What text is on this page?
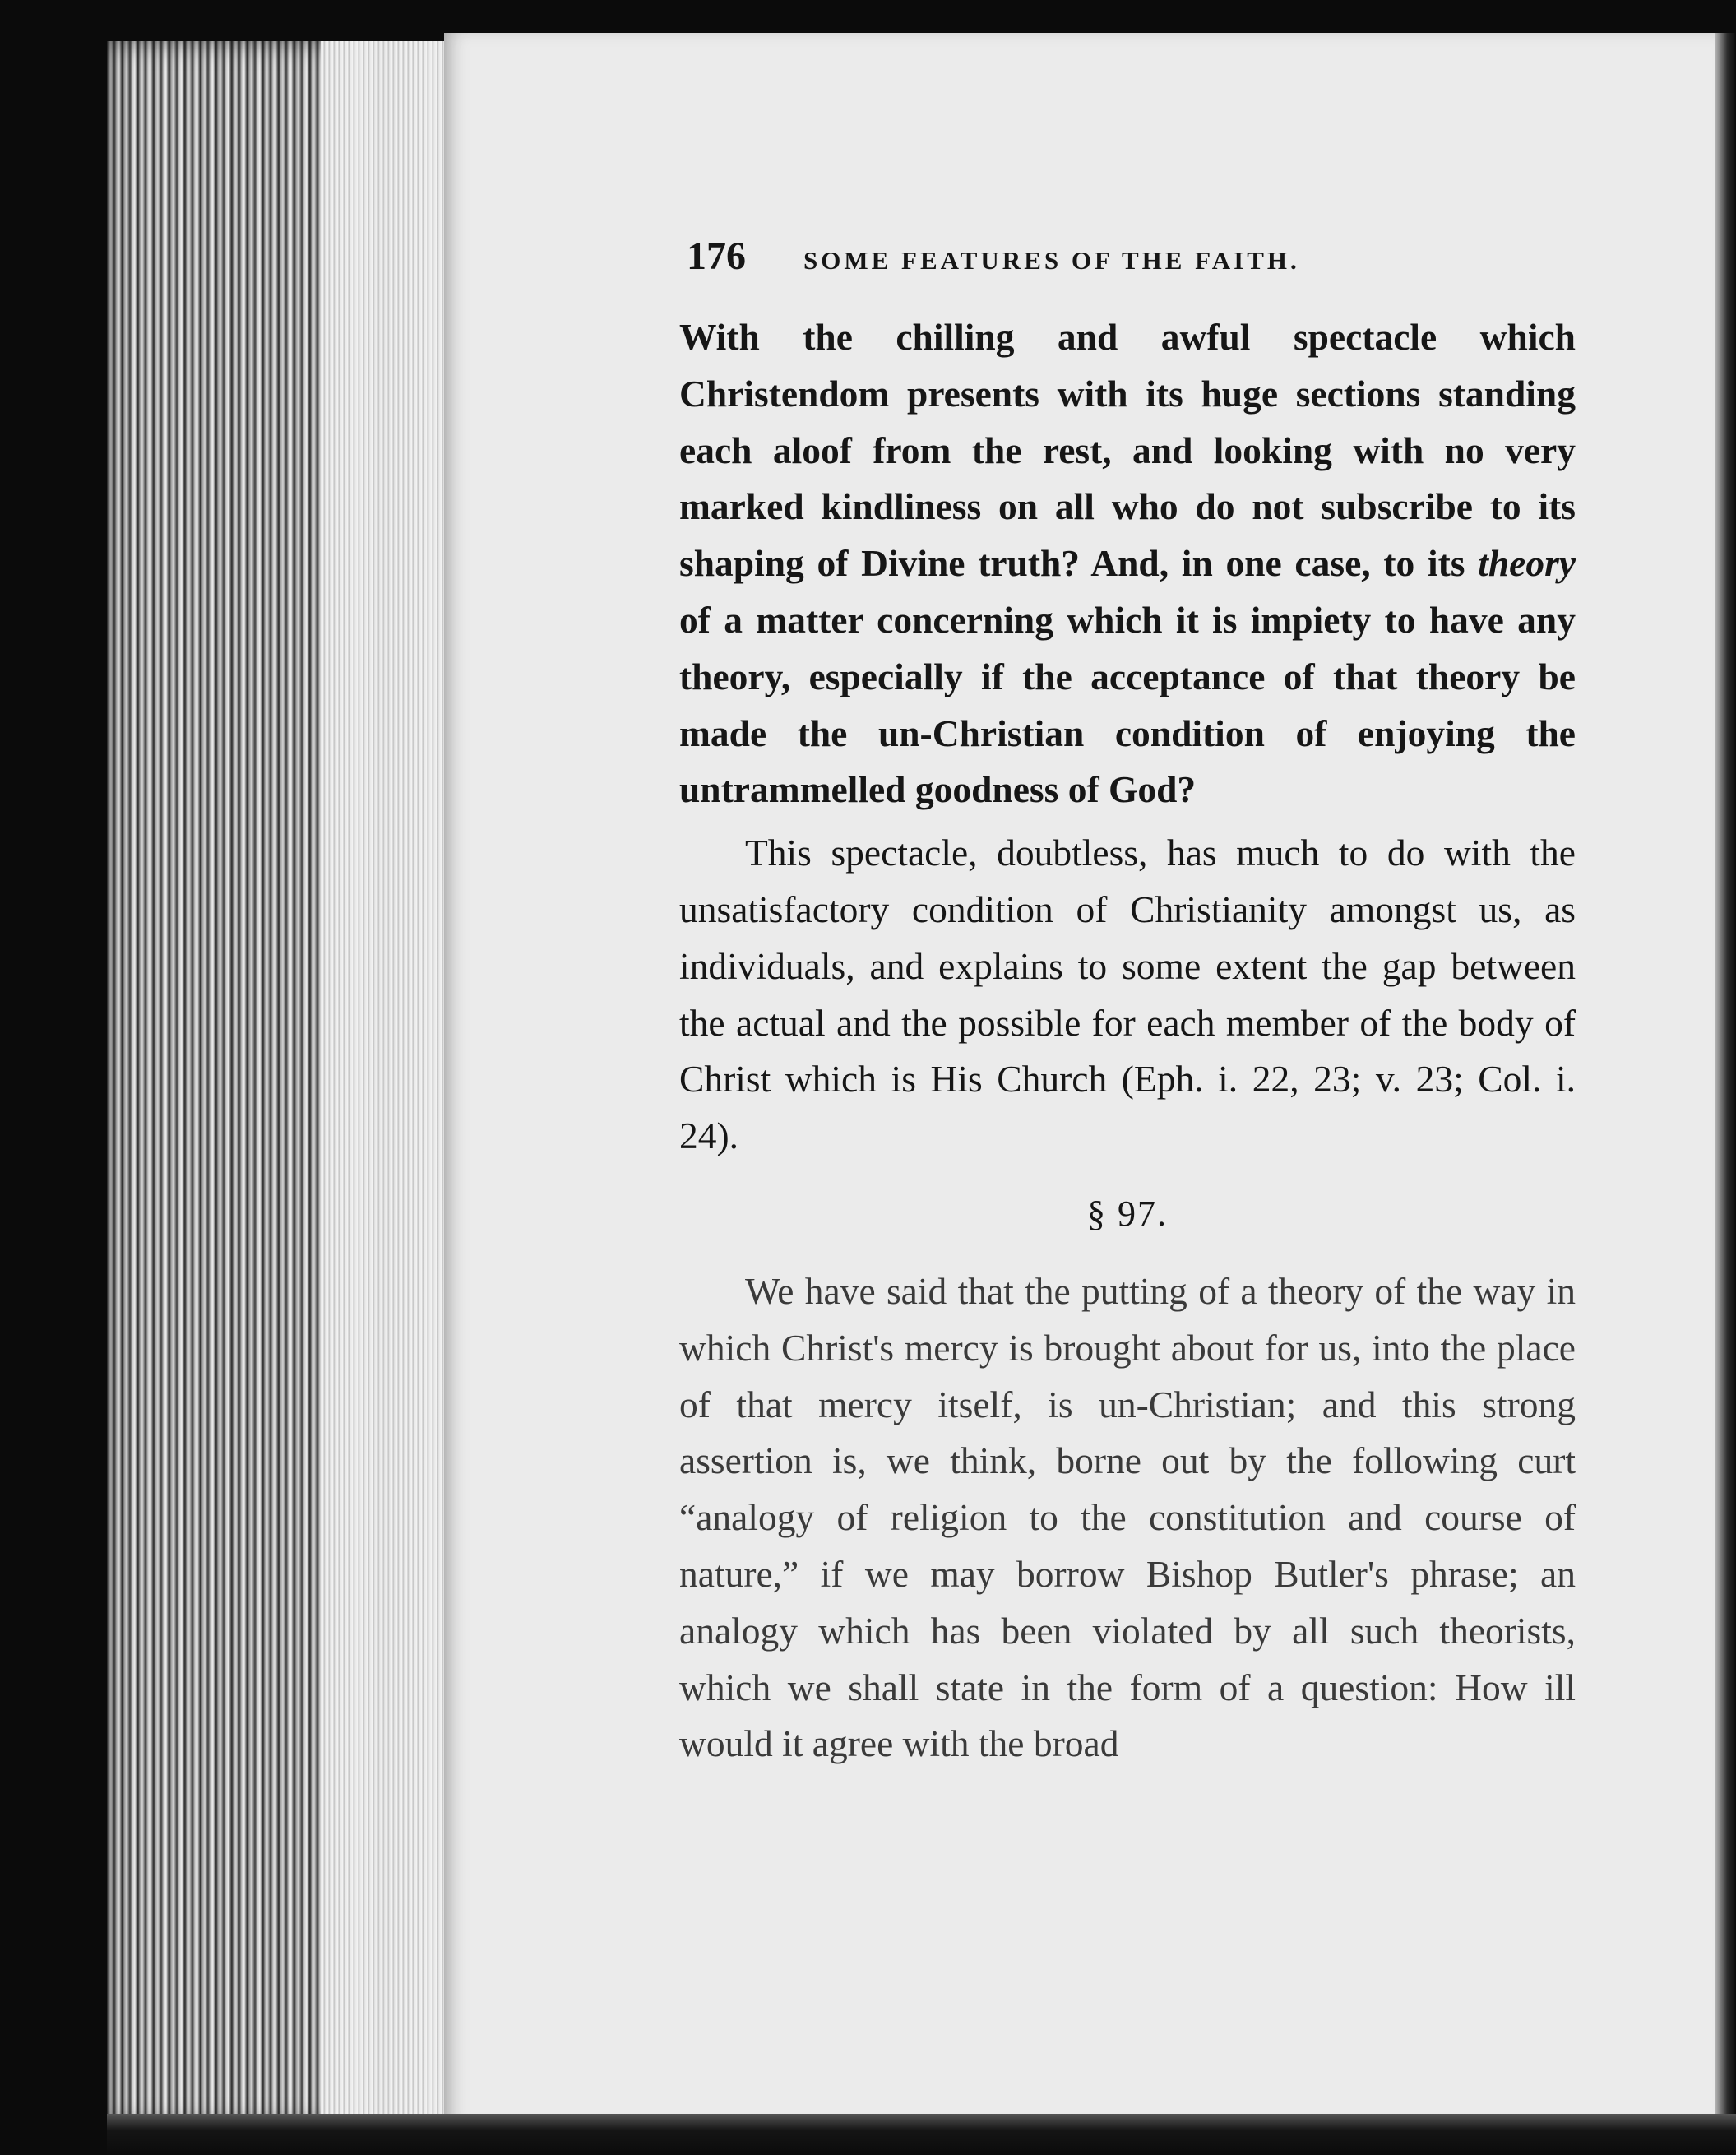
176 SOME FEATURES OF THE FAITH.

With the chilling and awful spectacle which Christendom presents with its huge sections standing each aloof from the rest, and looking with no very marked kindliness on all who do not subscribe to its shaping of Divine truth? And, in one case, to its theory of a matter concerning which it is impiety to have any theory, especially if the acceptance of that theory be made the un-Christian condition of enjoying the untrammelled goodness of God?

This spectacle, doubtless, has much to do with the unsatisfactory condition of Christianity amongst us, as individuals, and explains to some extent the gap between the actual and the possible for each member of the body of Christ which is His Church (Eph. i. 22, 23; v. 23; Col. i. 24).

§ 97.

We have said that the putting of a theory of the way in which Christ's mercy is brought about for us, into the place of that mercy itself, is un-Christian; and this strong assertion is, we think, borne out by the following curt “analogy of religion to the constitution and course of nature,” if we may borrow Bishop Butler's phrase; an analogy which has been violated by all such theorists, which we shall state in the form of a question: How ill would it agree with the broad
